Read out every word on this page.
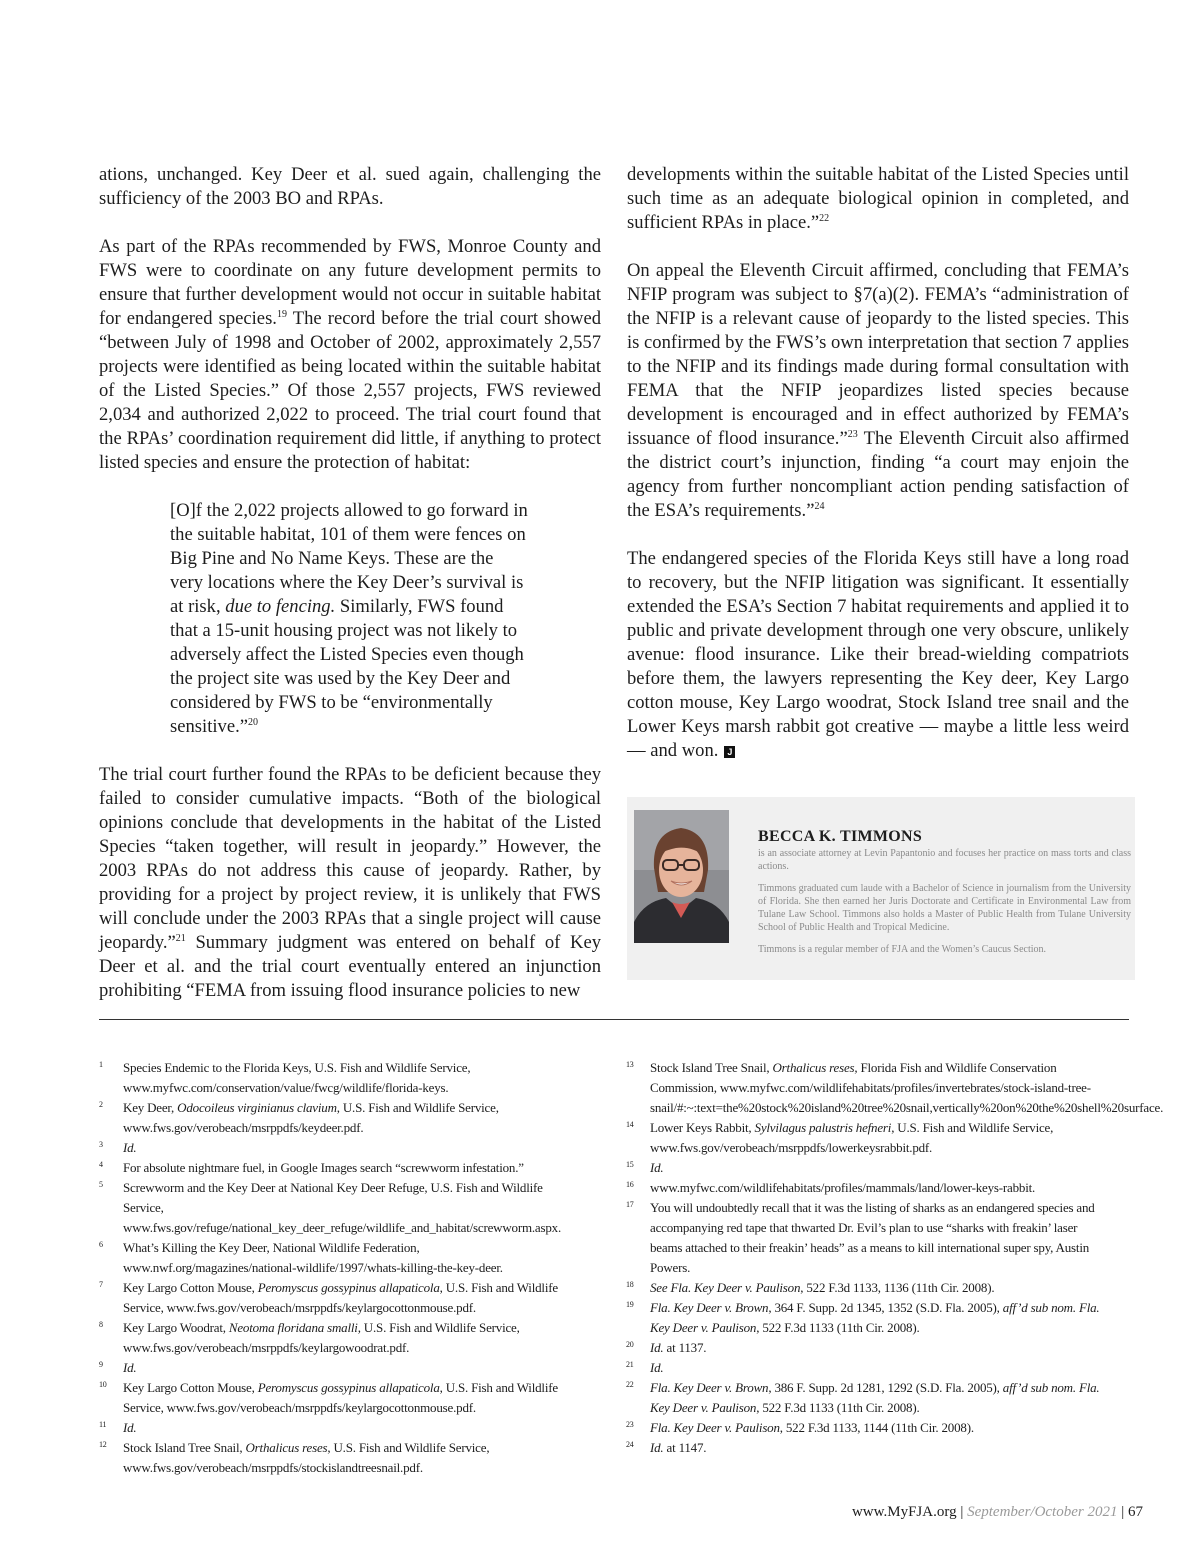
ations, unchanged. Key Deer et al. sued again, challenging the sufficiency of the 2003 BO and RPAs.

As part of the RPAs recommended by FWS, Monroe County and FWS were to coordinate on any future development permits to ensure that further development would not occur in suitable habitat for endangered species.$^{19}$ The record before the trial court showed “between July of 1998 and October of 2002, approximately 2,557 projects were identified as being located within the suitable habitat of the Listed Species.” Of those 2,557 projects, FWS reviewed 2,034 and authorized 2,022 to proceed. The trial court found that the RPAs’ coordination requirement did little, if anything to protect listed species and ensure the protection of habitat:

[O]f the 2,022 projects allowed to go forward in the suitable habitat, 101 of them were fences on Big Pine and No Name Keys. These are the very locations where the Key Deer’s survival is at risk, due to fencing. Similarly, FWS found that a 15-unit housing project was not likely to adversely affect the Listed Species even though the project site was used by the Key Deer and considered by FWS to be “environmentally sensitive.”$^{20}$

The trial court further found the RPAs to be deficient because they failed to consider cumulative impacts. “Both of the biological opinions conclude that developments in the habitat of the Listed Species “taken together, will result in jeopardy.” However, the 2003 RPAs do not address this cause of jeopardy. Rather, by providing for a project by project review, it is unlikely that FWS will conclude under the 2003 RPAs that a single project will cause jeopardy.”$^{21}$ Summary judgment was entered on behalf of Key Deer et al. and the trial court eventually entered an injunction prohibiting “FEMA from issuing flood insurance policies to new

developments within the suitable habitat of the Listed Species until such time as an adequate biological opinion in completed, and sufficient RPAs in place.”$^{22}$

On appeal the Eleventh Circuit affirmed, concluding that FEMA’s NFIP program was subject to §7(a)(2). FEMA’s “administration of the NFIP is a relevant cause of jeopardy to the listed species. This is confirmed by the FWS’s own interpretation that section 7 applies to the NFIP and its findings made during formal consultation with FEMA that the NFIP jeopardizes listed species because development is encouraged and in effect authorized by FEMA’s issuance of flood insurance.”$^{23}$ The Eleventh Circuit also affirmed the district court’s injunction, finding “a court may enjoin the agency from further noncompliant action pending satisfaction of the ESA’s requirements.”$^{24}$

The endangered species of the Florida Keys still have a long road to recovery, but the NFIP litigation was significant. It essentially extended the ESA’s Section 7 habitat requirements and applied it to public and private development through one very obscure, unlikely avenue: flood insurance. Like their bread-wielding compatriots before them, the lawyers representing the Key deer, Key Largo cotton mouse, Key Largo woodrat, Stock Island tree snail and the Lower Keys marsh rabbit got creative — maybe a little less weird — and won. J

BECCA K. TIMMONS

is an associate attorney at Levin Papantonio and focuses her practice on mass torts and class actions.

Timmons graduated cum laude with a Bachelor of Science in journalism from the University of Florida. She then earned her Juris Doctorate and Certificate in Environmental Law from Tulane Law School. Timmons also holds a Master of Public Health from Tulane University School of Public Health and Tropical Medicine.

Timmons is a regular member of FJA and the Women’s Caucus Section.

1 Species Endemic to the Florida Keys, U.S. Fish and Wildlife Service, www.myfwc.com/conservation/value/fwcg/wildlife/florida-keys.
2 Key Deer, Odocoileus virginianus clavium, U.S. Fish and Wildlife Service, www.fws.gov/verobeach/msrppdfs/keydeer.pdf.
3 Id.
4 For absolute nightmare fuel, in Google Images search “screwworm infestation.”
5 Screwworm and the Key Deer at National Key Deer Refuge, U.S. Fish and Wildlife Service, www.fws.gov/refuge/national_key_deer_refuge/wildlife_and_habitat/screwworm.aspx.
6 What’s Killing the Key Deer, National Wildlife Federation, www.nwf.org/magazines/national-wildlife/1997/whats-killing-the-key-deer.
7 Key Largo Cotton Mouse, Peromyscus gossypinus allapaticola, U.S. Fish and Wildlife Service, www.fws.gov/verobeach/msrppdfs/keylargocottonmouse.pdf.
8 Key Largo Woodrat, Neotoma floridana smalli, U.S. Fish and Wildlife Service, www.fws.gov/verobeach/msrppdfs/keylargowoodrat.pdf.
9 Id.
10 Key Largo Cotton Mouse, Peromyscus gossypinus allapaticola, U.S. Fish and Wildlife Service, www.fws.gov/verobeach/msrppdfs/keylargocottonmouse.pdf.
11 Id.
12 Stock Island Tree Snail, Orthalicus reses, U.S. Fish and Wildlife Service, www.fws.gov/verobeach/msrppdfs/stockislandtreesnail.pdf.
13 Stock Island Tree Snail, Orthalicus reses, Florida Fish and Wildlife Conservation Commission, www.myfwc.com/wildlifehabitats/profiles/invertebrates/stock-island-tree-snail/#:~:text=the%20stock%20island%20tree%20snail,vertically%20on%20the%20shell%20surface.
14 Lower Keys Rabbit, Sylvilagus palustris hefneri, U.S. Fish and Wildlife Service, www.fws.gov/verobeach/msrppdfs/lowerkeysrabbit.pdf.
15 Id.
16 www.myfwc.com/wildlifehabitats/profiles/mammals/land/lower-keys-rabbit.
17 You will undoubtedly recall that it was the listing of sharks as an endangered species and accompanying red tape that thwarted Dr. Evil’s plan to use “sharks with freakin’ laser beams attached to their freakin’ heads” as a means to kill international super spy, Austin Powers.
18 See Fla. Key Deer v. Paulison, 522 F.3d 1133, 1136 (11th Cir. 2008).
19 Fla. Key Deer v. Brown, 364 F. Supp. 2d 1345, 1352 (S.D. Fla. 2005), aff’d sub nom. Fla. Key Deer v. Paulison, 522 F.3d 1133 (11th Cir. 2008).
20 Id. at 1137.
21 Id.
22 Fla. Key Deer v. Brown, 386 F. Supp. 2d 1281, 1292 (S.D. Fla. 2005), aff’d sub nom. Fla. Key Deer v. Paulison, 522 F.3d 1133 (11th Cir. 2008).
23 Fla. Key Deer v. Paulison, 522 F.3d 1133, 1144 (11th Cir. 2008).
24 Id. at 1147.
www.MyFJA.org | September/October 2021 | 67
